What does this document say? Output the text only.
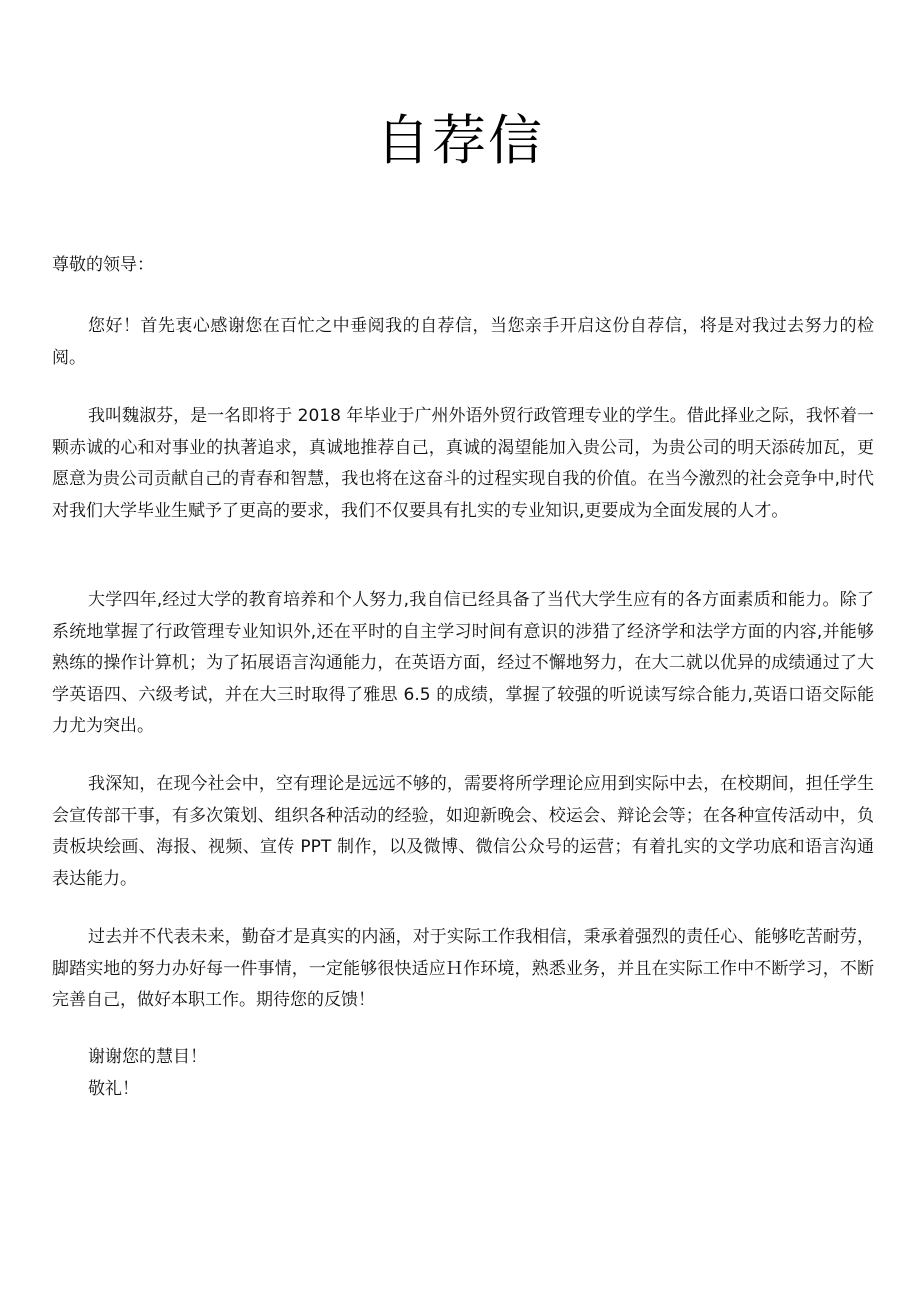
自荐信

尊敬的领导：

您好！首先衷心感谢您在百忙之中垂阅我的自荐信，当您亲手开启这份自荐信，将是对我过去努力的检阅。

我叫魏淑芬，是一名即将于 2018 年毕业于广州外语外贸行政管理专业的学生。借此择业之际，我怀着一颗赤诚的心和对事业的执著追求，真诚地推荐自己，真诚的渴望能加入贵公司，为贵公司的明天添砖加瓦，更愿意为贵公司贡献自己的青春和智慧，我也将在这奋斗的过程实现自我的价值。在当今激烈的社会竞争中,时代对我们大学毕业生赋予了更高的要求，我们不仅要具有扎实的专业知识,更要成为全面发展的人才。

大学四年,经过大学的教育培养和个人努力,我自信已经具备了当代大学生应有的各方面素质和能力。除了系统地掌握了行政管理专业知识外,还在平时的自主学习时间有意识的涉猎了经济学和法学方面的内容,并能够熟练的操作计算机；为了拓展语言沟通能力，在英语方面，经过不懈地努力，在大二就以优异的成绩通过了大学英语四、六级考试，并在大三时取得了雅思 6.5 的成绩，掌握了较强的听说读写综合能力,英语口语交际能力尤为突出。

我深知，在现今社会中，空有理论是远远不够的，需要将所学理论应用到实际中去，在校期间，担任学生会宣传部干事，有多次策划、组织各种活动的经验，如迎新晚会、校运会、辩论会等；在各种宣传活动中，负责板块绘画、海报、视频、宣传 PPT 制作，以及微博、微信公众号的运营；有着扎实的文学功底和语言沟通表达能力。

过去并不代表未来，勤奋才是真实的内涵，对于实际工作我相信，秉承着强烈的责任心、能够吃苦耐劳，脚踏实地的努力办好每一件事情，一定能够很快适应Ｈ作环境，熟悉业务，并且在实际工作中不断学习，不断完善自己，做好本职工作。期待您的反馈！

谢谢您的慧目！

敬礼！
